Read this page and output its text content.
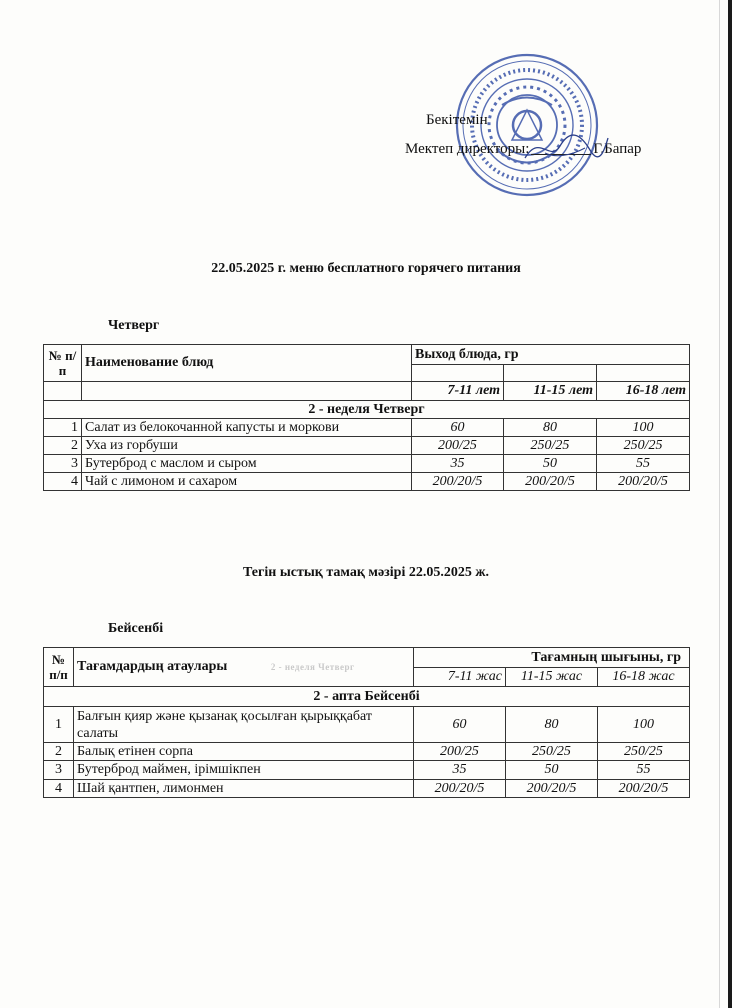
Бекітемін
Мектеп директоры:	Г.Бапар
22.05.2025 г. меню бесплатного горячего питания
Четверг
№ п/п	Наименование блюд	Выход блюда, гр		

		7-11 лет	11-15 лет	16-18 лет
2 - неделя Четверг				
1	Салат из белокочанной капусты и моркови	60	80	100
2	Уха из горбуши	200/25	250/25	250/25
3	Бутерброд с маслом и сыром	35	50	55
4	Чай с лимоном и сахаром	200/20/5	200/20/5	200/20/5
Тегін ыстық тамақ мәзірі 22.05.2025 ж.
Бейсенбі
№ п/п	Тағамдардың атаулары 2 - неделя Четверг	Тағамның шығыны, гр		
		7-11 жас	11-15 жас	16-18 жас
2 - апта Бейсенбі				
1	Балғын қияр және қызанақ қосылған қырыққабат салаты	60	80	100
2	Балық етінен сорпа	200/25	250/25	250/25
3	Бутерброд маймен, ірімшікпен	35	50	55
4	Шай қантпен, лимонмен	200/20/5	200/20/5	200/20/5
